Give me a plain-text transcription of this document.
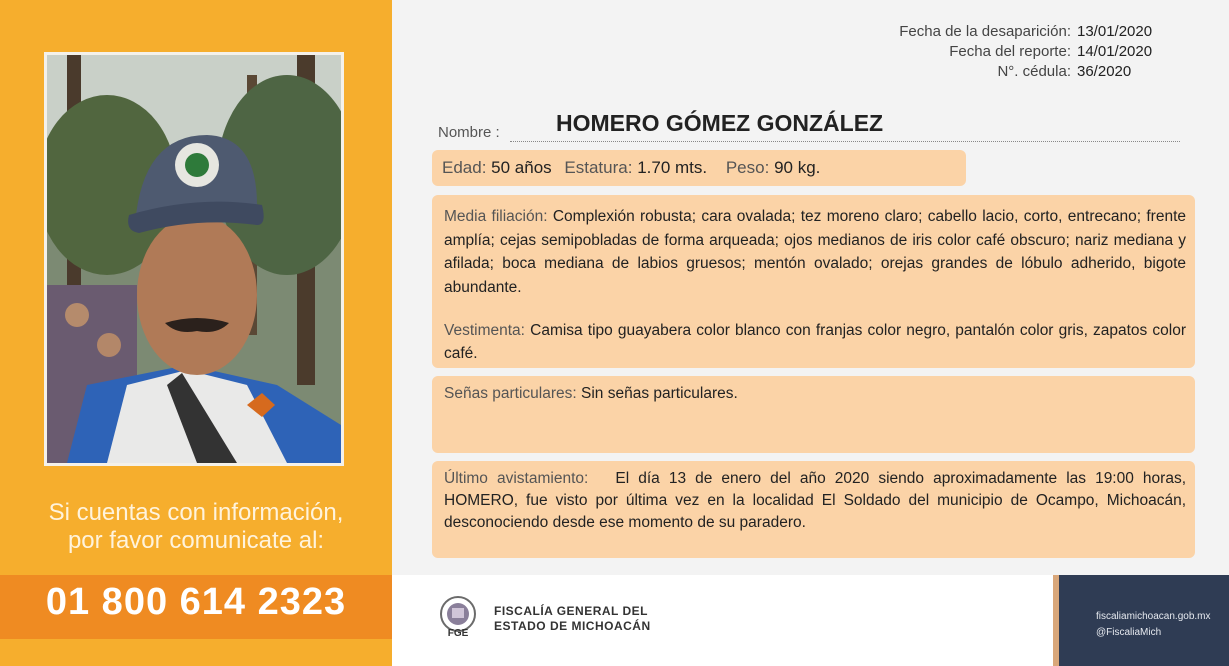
Si cuentas con información,
por favor comunicate al:
01 800 614 2323
Fecha de la desaparición: 13/01/2020
Fecha del reporte: 14/01/2020
N°. cédula: 36/2020
Nombre : HOMERO GÓMEZ GONZÁLEZ
Edad: 50 años Estatura: 1.70 mts. Peso: 90 kg.
Media filiación: Complexión robusta; cara ovalada; tez moreno claro; cabello lacio, corto, entrecano; frente amplía; cejas semipobladas de forma arqueada; ojos medianos de iris color café obscuro; nariz mediana y afilada; boca mediana de labios gruesos; mentón ovalado; orejas grandes de lóbulo adherido, bigote abundante.
Vestimenta: Camisa tipo guayabera color blanco con franjas color negro, pantalón color gris, zapatos color café.
Señas particulares: Sin señas particulares.
Último avistamiento: El día 13 de enero del año 2020 siendo aproximadamente las 19:00 horas, HOMERO, fue visto por última vez en la localidad El Soldado del municipio de Ocampo, Michoacán, desconociendo desde ese momento de su paradero.
FGE
FISCALÍA GENERAL DEL
ESTADO DE MICHOACÁN
fiscaliamichoacan.gob.mx
@FiscaliaMich
